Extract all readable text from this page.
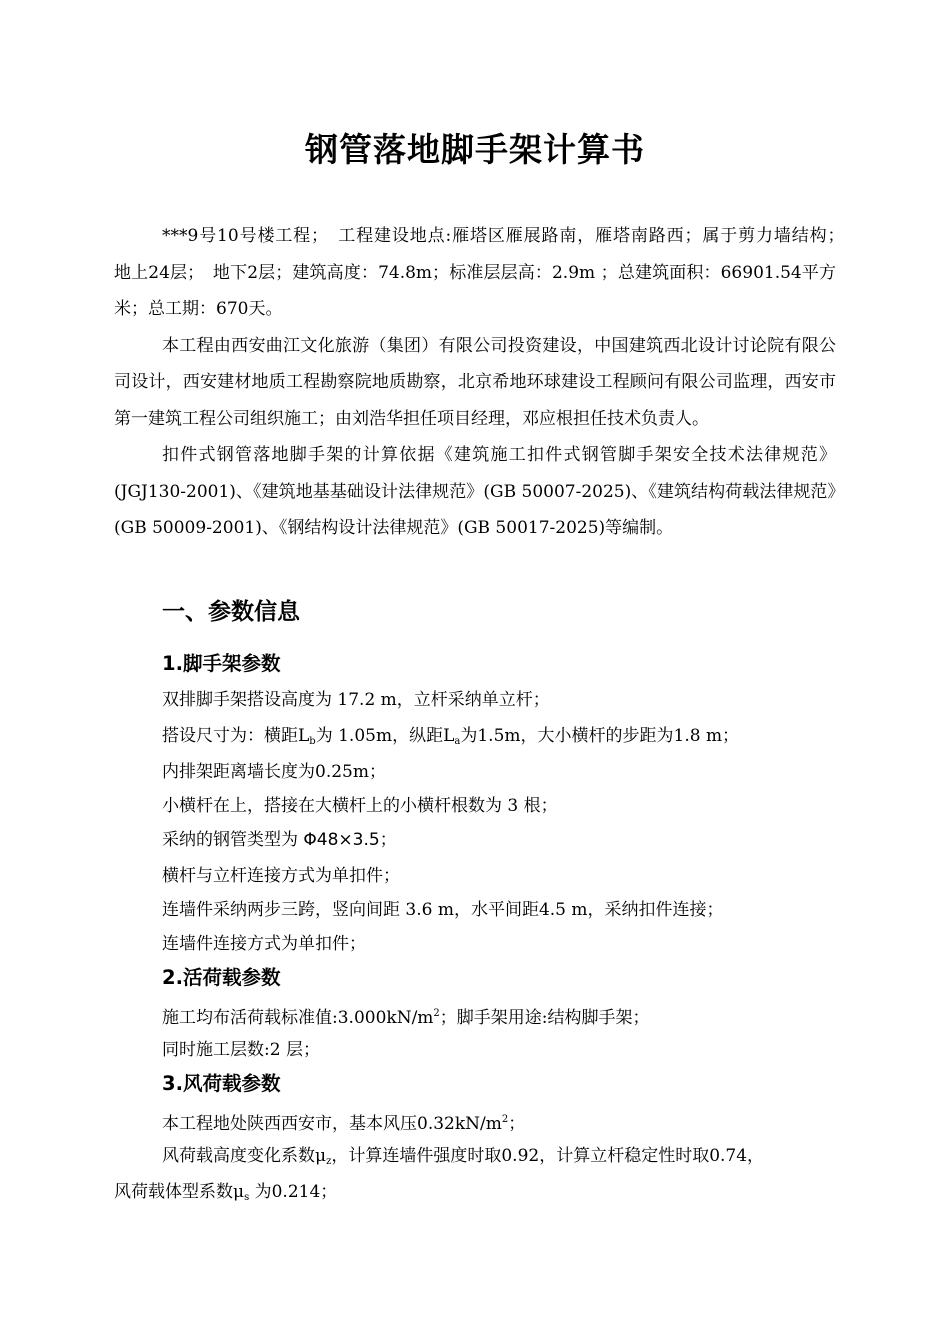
钢管落地脚手架计算书

***9号10号楼工程；　工程建设地点:雁塔区雁展路南，雁塔南路西；属于剪力墙结构；　地上24层；　地下2层；建筑高度：74.8m；标准层层高：2.9m ；总建筑面积：66901.54平方米；总工期：670天。

本工程由西安曲江文化旅游（集团）有限公司投资建设，中国建筑西北设计讨论院有限公司设计，西安建材地质工程勘察院地质勘察，北京希地环球建设工程顾问有限公司监理，西安市第一建筑工程公司组织施工；由刘浩华担任项目经理，邓应根担任技术负责人。

扣件式钢管落地脚手架的计算依据《建筑施工扣件式钢管脚手架安全技术法律规范》(JGJ130-2001)、《建筑地基基础设计法律规范》(GB 50007-2025)、《建筑结构荷载法律规范》(GB 50009-2001)、《钢结构设计法律规范》(GB 50017-2025)等编制。

一、参数信息
1.脚手架参数
双排脚手架搭设高度为 17.2 m，立杆采纳单立杆；
搭设尺寸为：横距$L_b$为 1.05m，纵距$L_a$为1.5m，大小横杆的步距为1.8 m；
内排架距离墙长度为0.25m；
小横杆在上，搭接在大横杆上的小横杆根数为 3 根；
采纳的钢管类型为 Φ48×3.5；
横杆与立杆连接方式为单扣件；
连墙件采纳两步三跨，竖向间距 3.6 m，水平间距4.5 m，采纳扣件连接；
连墙件连接方式为单扣件；
2.活荷载参数
施工均布活荷载标准值$:3.000kN/m^2$；脚手架用途:结构脚手架；
同时施工层数:2 层；
3.风荷载参数
本工程地处陕西西安市，基本风压$0.32kN/m^2$；
风荷载高度变化系数$\mu_z$，计算连墙件强度时取0.92，计算立杆稳定性时取0.74，
风荷载体型系数$\mu_s$ 为0.214；
